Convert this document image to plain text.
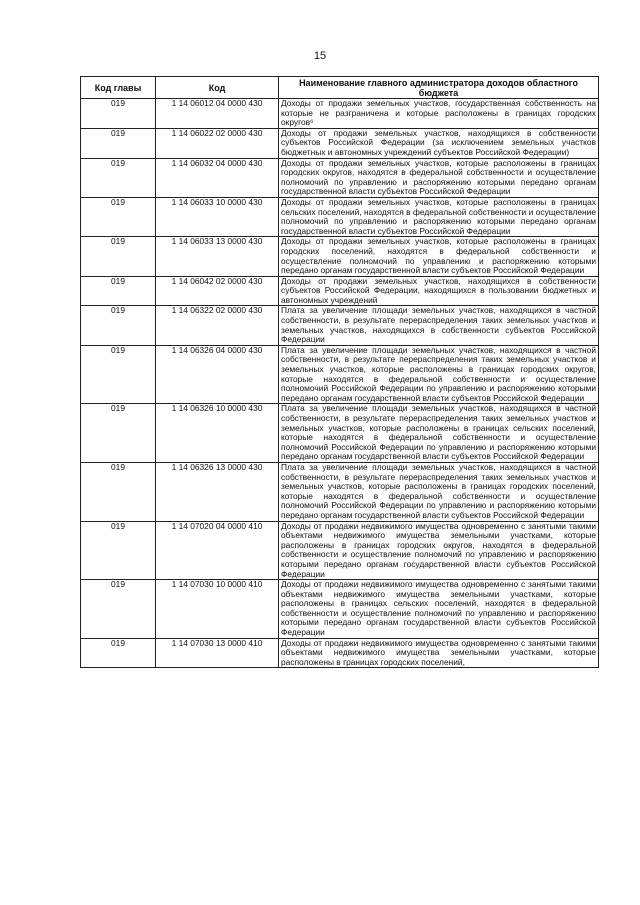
15
Код главы	Код	Наименование главного администратора доходов областного бюджета
019	1 14 06012 04 0000 430	Доходы от продажи земельных участков, государственная собственность на которые не разграничена и которые расположены в границах городских округов⁶
019	1 14 06022 02 0000 430	Доходы от продажи земельных участков, находящихся в собственности субъектов Российской Федерации (за исключением земельных участков бюджетных и автономных учреждений субъектов Российской Федерации)
019	1 14 06032 04 0000 430	Доходы от продажи земельных участков, которые расположены в границах городских округов, находятся в федеральной собственности и осуществление полномочий по управлению и распоряжению которыми передано органам государственной власти субъектов Российской Федерации
019	1 14 06033 10 0000 430	Доходы от продажи земельных участков, которые расположены в границах сельских поселений, находятся в федеральной собственности и осуществление полномочий по управлению и распоряжению которыми передано органам государственной власти субъектов Российской Федерации
019	1 14 06033 13 0000 430	Доходы от продажи земельных участков, которые расположены в границах городских поселений, находятся в федеральной собственности и осуществление полномочий по управлению и распоряжению которыми передано органам государственной власти субъектов Российской Федерации
019	1 14 06042 02 0000 430	Доходы от продажи земельных участков, находящихся в собственности субъектов Российской Федерации, находящихся в пользовании бюджетных и автономных учреждений
019	1 14 06322 02 0000 430	Плата за увеличение площади земельных участков, находящихся в частной собственности, в результате перераспределения таких земельных участков и земельных участков, находящихся в собственности субъектов Российской Федерации
019	1 14 06326 04 0000 430	Плата за увеличение площади земельных участков, находящихся в частной собственности, в результате перераспределения таких земельных участков и земельных участков, которые расположены в границах городских округов, которые находятся в федеральной собственности и осуществление полномочий Российской Федерации по управлению и распоряжению которыми передано органам государственной власти субъектов Российской Федерации
019	1 14 06326 10 0000 430	Плата за увеличение площади земельных участков, находящихся в частной собственности, в результате перераспределения таких земельных участков и земельных участков, которые расположены в границах сельских поселений, которые находятся в федеральной собственности и осуществление полномочий Российской Федерации по управлению и распоряжению которыми передано органам государственной власти субъектов Российской Федерации
019	1 14 06326 13 0000 430	Плата за увеличение площади земельных участков, находящихся в частной собственности, в результате перераспределения таких земельных участков и земельных участков, которые расположены в границах городских поселений, которые находятся в федеральной собственности и осуществление полномочий Российской Федерации по управлению и распоряжению которыми передано органам государственной власти субъектов Российской Федерации
019	1 14 07020 04 0000 410	Доходы от продажи недвижимого имущества одновременно с занятыми такими объектами недвижимого имущества земельными участками, которые расположены в границах городских округов, находятся в федеральной собственности и осуществление полномочий по управлению и распоряжению которыми передано органам государственной власти субъектов Российской Федерации
019	1 14 07030 10 0000 410	Доходы от продажи недвижимого имущества одновременно с занятыми такими объектами недвижимого имущества земельными участками, которые расположены в границах сельских поселений, находятся в федеральной собственности и осуществление полномочий по управлению и распоряжению которыми передано органам государственной власти субъектов Российской Федерации
019	1 14 07030 13 0000 410	Доходы от продажи недвижимого имущества одновременно с занятыми такими объектами недвижимого имущества земельными участками, которые расположены в границах городских поселений,
